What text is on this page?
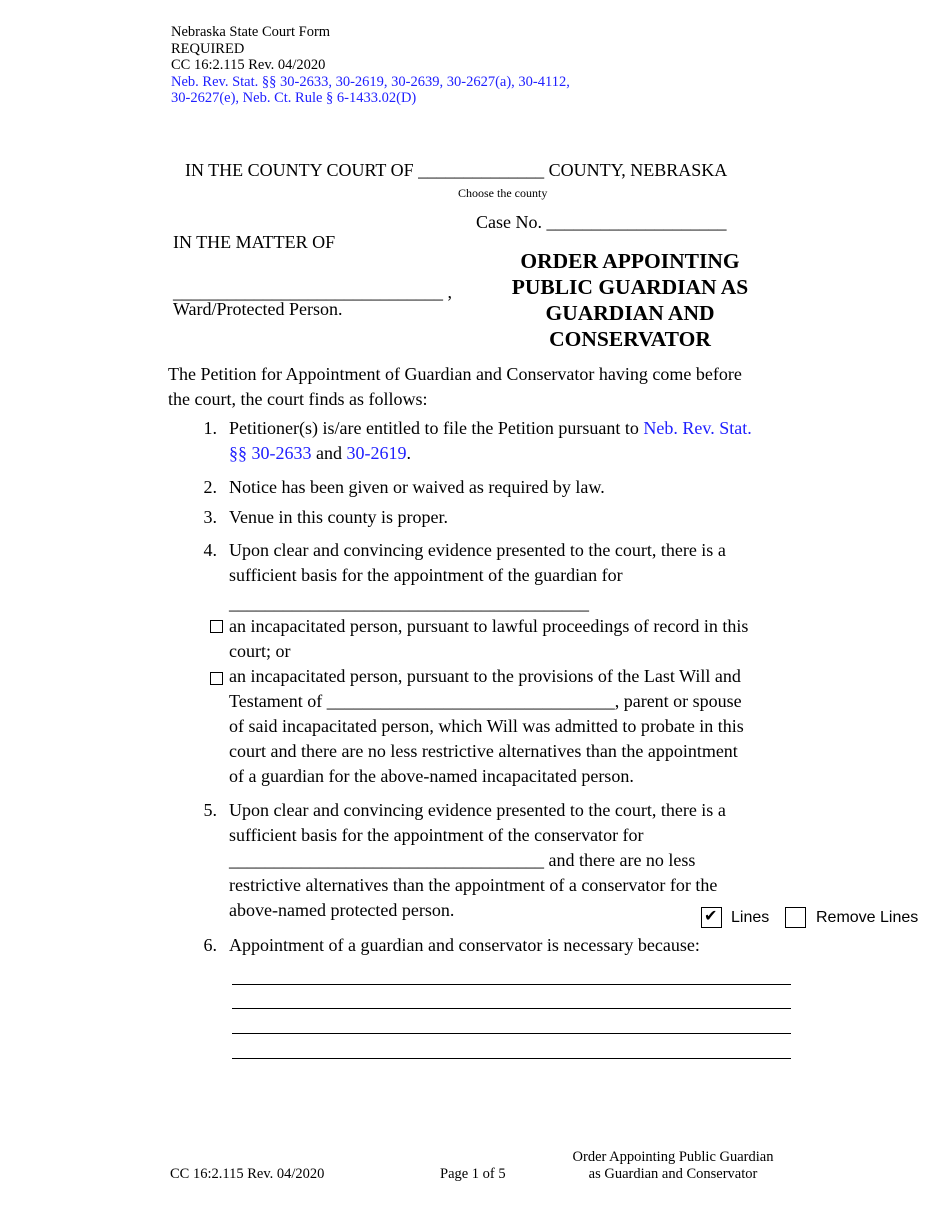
Nebraska State Court Form
REQUIRED
CC 16:2.115 Rev. 04/2020
Neb. Rev. Stat. §§ 30-2633, 30-2619, 30-2639, 30-2627(a), 30-4112,
30-2627(e), Neb. Ct. Rule § 6-1433.02(D)
IN THE COUNTY COURT OF ______________ COUNTY, NEBRASKA
Choose the county
Case No. ____________________
IN THE MATTER OF
______________________________ ,
Ward/Protected Person.
ORDER APPOINTING
PUBLIC GUARDIAN AS
GUARDIAN AND
CONSERVATOR
The Petition for Appointment of Guardian and Conservator having come before
the court, the court finds as follows:
1. Petitioner(s) is/are entitled to file the Petition pursuant to Neb. Rev. Stat.
§§ 30-2633 and 30-2619.
2. Notice has been given or waived as required by law.
3. Venue in this county is proper.
4. Upon clear and convincing evidence presented to the court, there is a
sufficient basis for the appointment of the guardian for
________________________________________
an incapacitated person, pursuant to lawful proceedings of record in this
court; or
an incapacitated person, pursuant to the provisions of the Last Will and
Testament of ________________________________, parent or spouse
of said incapacitated person, which Will was admitted to probate in this
court and there are no less restrictive alternatives than the appointment
of a guardian for the above-named incapacitated person.
5. Upon clear and convincing evidence presented to the court, there is a
sufficient basis for the appointment of the conservator for
___________________________________ and there are no less
restrictive alternatives than the appointment of a conservator for the
above-named protected person.	✔ Lines	Remove Lines
6. Appointment of a guardian and conservator is necessary because:
CC 16:2.115 Rev. 04/2020	Page 1 of 5
Order Appointing Public Guardian
as Guardian and Conservator
